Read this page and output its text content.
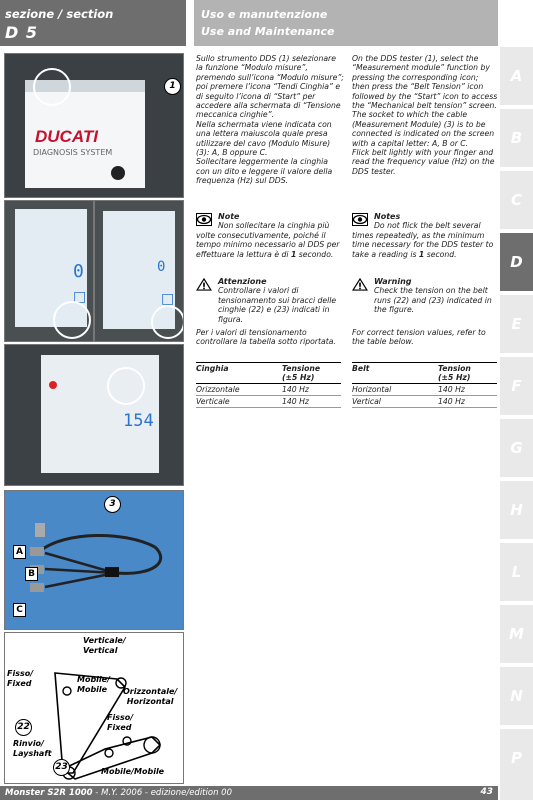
sezione / section
D 5
Uso e manutenzione
Use and Maintenance
A
B
C
D
E
F
G
H
L
M
N
P
DUCATI
DIAGNOSIS SYSTEM
1
0
□
0
□
154
3
A
B
C
Verticale/
Vertical
Fisso/
Fixed	Mobile/
Mobile	Orizzontale/
Horizontal
Fisso/
Fixed
Rinvio/
Layshaft
Mobile/Mobile
22
23

Sullo strumento DDS (1) selezionare la funzione “Modulo misure”, premendo sull’icona “Modulo misure”; poi premere l’icona “Tendi Cinghia” e di seguito l’icona di “Start” per accedere alla schermata di “Tensione meccanica cinghie”.

Nella schermata viene indicata con una lettera maiuscola quale presa utilizzare del cavo (Modulo Misure) (3): A, B oppure C.

Sollecitare leggermente la cinghia con un dito e leggere il valore della frequenza (Hz) sul DDS.

Note

Non sollecitare la cinghia più volte consecutivamente, poiché il tempo minimo necessario al DDS per effettuare la lettura è di 1 secondo.

Attenzione

Controllare i valori di tensionamento sui bracci delle cinghie (22) e (23) indicati in figura.

Per i valori di tensionamento controllare la tabella sotto riportata.
Cinghia	Tensione
(±5 Hz)
Orizzontale	140 Hz
Verticale	140 Hz

On the DDS tester (1), select the “Measurement module” function by pressing the corresponding icon; then press the “Belt Tension” icon followed by the “Start” icon to access the “Mechanical belt tension” screen.

The socket to which the cable (Measurement Module) (3) is to be connected is indicated on the screen with a capital letter: A, B or C.

Flick belt lightly with your finger and read the frequency value (Hz) on the DDS tester.

Notes

Do not flick the belt several times repeatedly, as the minimum time necessary for the DDS tester to take a reading is 1 second.

Warning

Check the tension on the belt runs (22) and (23) indicated in the figure.

For correct tension values, refer to the table below.
Belt	Tension
(±5 Hz)
Horizontal	140 Hz
Vertical	140 Hz
Monster S2R 1000 - M.Y. 2006 - edizione/edition 00	43
